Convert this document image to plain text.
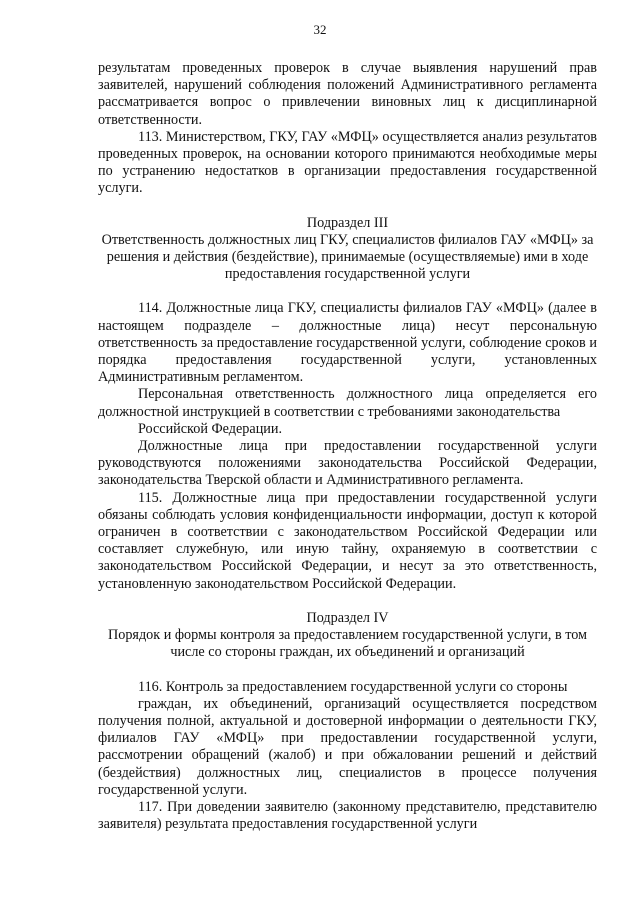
32

результатам проведенных проверок в случае выявления нарушений прав заявителей, нарушений соблюдения положений Административного регламента рассматривается вопрос о привлечении виновных лиц к дисциплинарной ответственности.

113. Министерством, ГКУ, ГАУ «МФЦ» осуществляется анализ результатов проведенных проверок, на основании которого принимаются необходимые меры по устранению недостатков в организации предоставления государственной услуги.

Подраздел III

Ответственность должностных лиц ГКУ, специалистов филиалов ГАУ «МФЦ» за решения и действия (бездействие), принимаемые (осуществляемые) ими в ходе предоставления государственной услуги

114. Должностные лица ГКУ, специалисты филиалов ГАУ «МФЦ» (далее в настоящем подразделе – должностные лица) несут персональную ответственность за предоставление государственной услуги, соблюдение сроков и порядка предоставления государственной услуги, установленных Административным регламентом.

Персональная ответственность должностного лица определяется его должностной инструкцией в соответствии с требованиями законодательства

Российской Федерации.

Должностные лица при предоставлении государственной услуги руководствуются положениями законодательства Российской Федерации, законодательства Тверской области и Административного регламента.

115. Должностные лица при предоставлении государственной услуги обязаны соблюдать условия конфиденциальности информации, доступ к которой ограничен в соответствии с законодательством Российской Федерации или составляет служебную, или иную тайну, охраняемую в соответствии с законодательством Российской Федерации, и несут за это ответственность, установленную законодательством Российской Федерации.

Подраздел IV

Порядок и формы контроля за предоставлением государственной услуги, в том числе со стороны граждан, их объединений и организаций

116. Контроль за предоставлением государственной услуги со стороны

граждан, их объединений, организаций осуществляется посредством получения полной, актуальной и достоверной информации о деятельности ГКУ, филиалов ГАУ «МФЦ» при предоставлении государственной услуги, рассмотрении обращений (жалоб) и при обжаловании решений и действий (бездействия) должностных лиц, специалистов в процессе получения государственной услуги.

117. При доведении заявителю (законному представителю, представителю заявителя) результата предоставления государственной услуги
